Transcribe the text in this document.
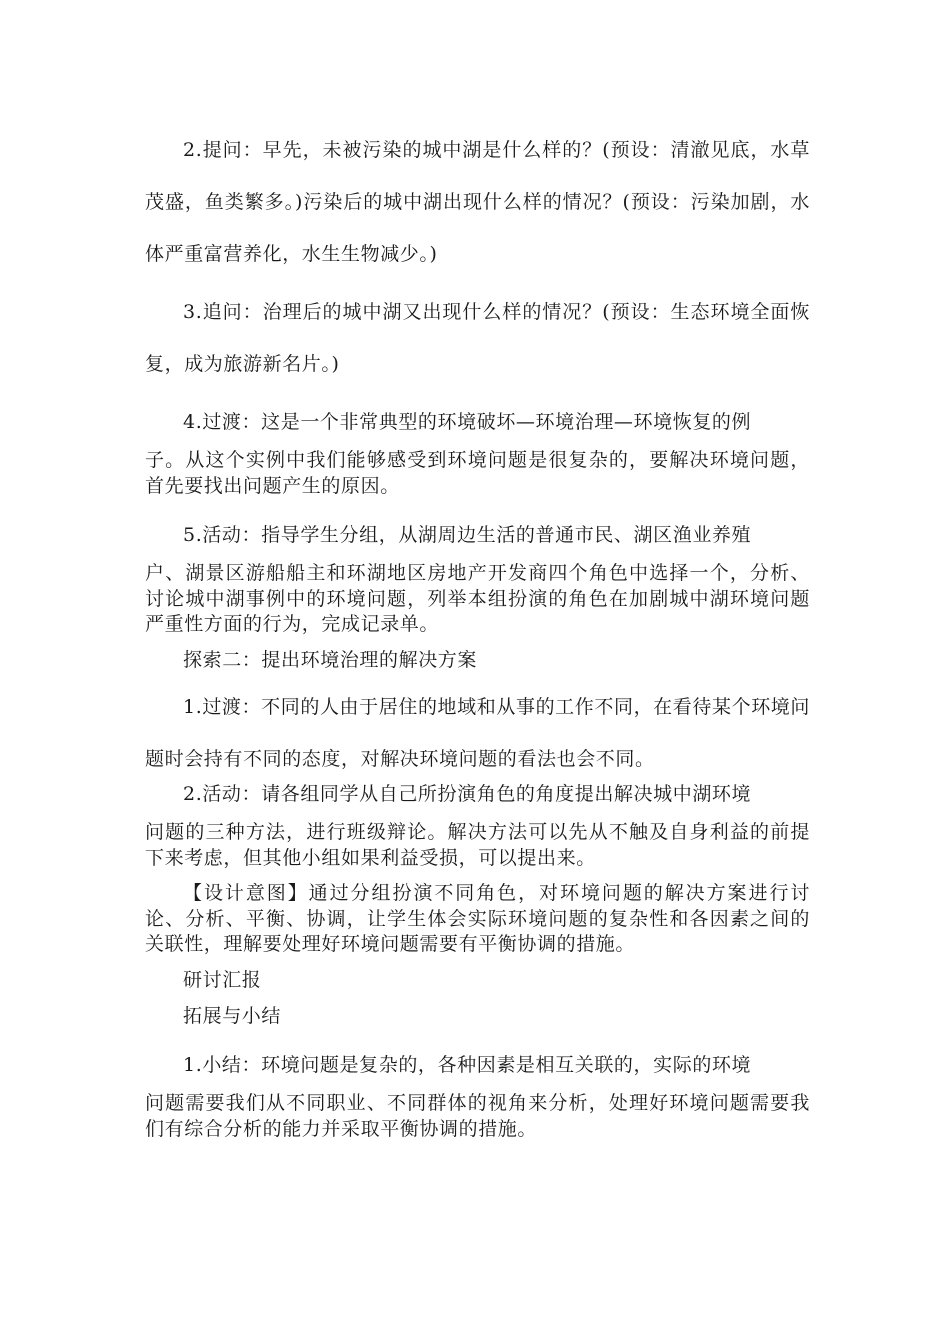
2.提问：早先，未被污染的城中湖是什么样的？(预设：清澈见底，水草茂盛，鱼类繁多。)污染后的城中湖出现什么样的情况？(预设：污染加剧，水体严重富营养化，水生生物减少。)

3.追问：治理后的城中湖又出现什么样的情况？(预设：生态环境全面恢复，成为旅游新名片。)

4.过渡：这是一个非常典型的环境破坏—环境治理—环境恢复的例
子。从这个实例中我们能够感受到环境问题是很复杂的，要解决环境问题，首先要找出问题产生的原因。

5.活动：指导学生分组，从湖周边生活的普通市民、湖区渔业养殖
户、湖景区游船船主和环湖地区房地产开发商四个角色中选择一个，分析、讨论城中湖事例中的环境问题，列举本组扮演的角色在加剧城中湖环境问题严重性方面的行为，完成记录单。

探索二：提出环境治理的解决方案

1.过渡：不同的人由于居住的地域和从事的工作不同，在看待某个环境问题时会持有不同的态度，对解决环境问题的看法也会不同。

2.活动：请各组同学从自己所扮演角色的角度提出解决城中湖环境
问题的三种方法，进行班级辩论。解决方法可以先从不触及自身利益的前提下来考虑，但其他小组如果利益受损，可以提出来。

【设计意图】通过分组扮演不同角色，对环境问题的解决方案进行讨论、分析、平衡、协调，让学生体会实际环境问题的复杂性和各因素之间的关联性，理解要处理好环境问题需要有平衡协调的措施。

研讨汇报

拓展与小结

1.小结：环境问题是复杂的，各种因素是相互关联的，实际的环境
问题需要我们从不同职业、不同群体的视角来分析，处理好环境问题需要我们有综合分析的能力并采取平衡协调的措施。
